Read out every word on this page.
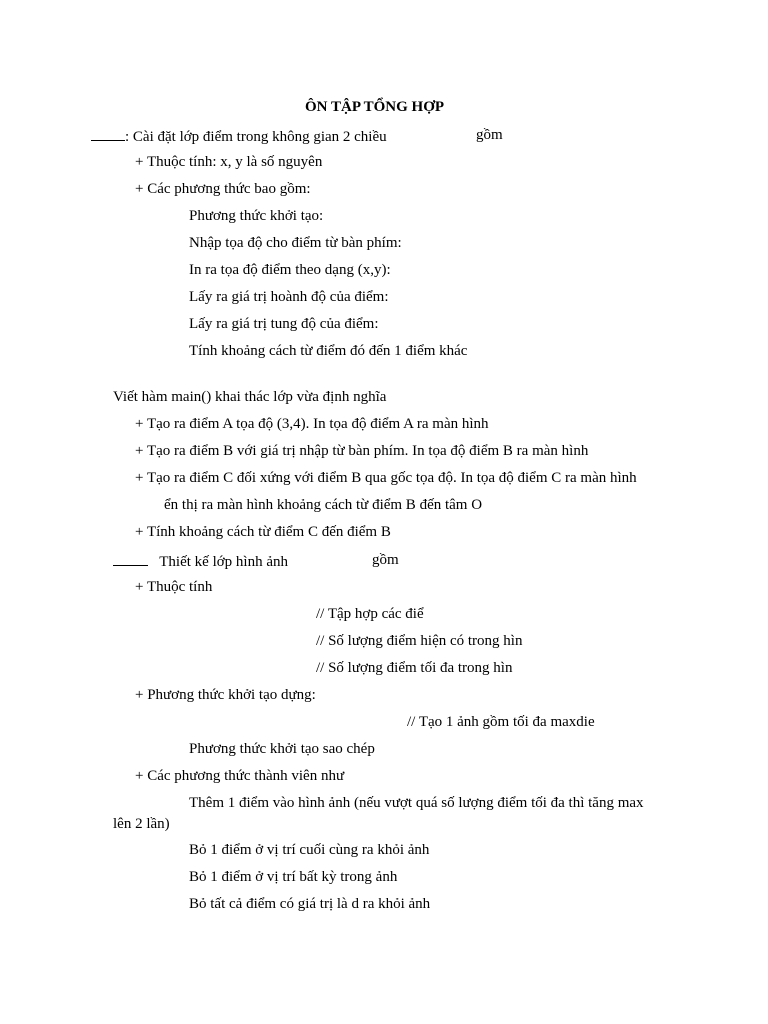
ÔN TẬP TỔNG HỢP
: Cài đặt lớp điểm trong không gian 2 chiều	gồm
+ Thuộc tính: x, y là số nguyên
+ Các phương thức bao gồm:
Phương thức khởi tạo:
Nhập tọa độ cho điểm từ bàn phím:
In ra tọa độ điểm theo dạng (x,y):
Lấy ra giá trị hoành độ của điểm:
Lấy ra giá trị tung độ của điểm:
Tính khoảng cách từ điểm đó đến 1 điểm khác
Viết hàm main() khai thác lớp vừa định nghĩa
+ Tạo ra điểm A tọa độ (3,4). In tọa độ điểm A ra màn hình
+ Tạo ra điểm B với giá trị nhập từ bàn phím. In tọa độ điểm B ra màn hình
+ Tạo ra điểm C đối xứng với điểm B qua gốc tọa độ. In tọa độ điểm C ra màn hình
ển thị ra màn hình khoảng cách từ điểm B đến tâm O
+ Tính khoảng cách từ điểm C đến điểm B
Thiết kế lớp hình ảnh	gồm
+ Thuộc tính
// Tập hợp các điể
// Số lượng điểm hiện có trong hìn
// Số lượng điểm tối đa trong hìn
+ Phương thức khởi tạo dựng:
// Tạo 1 ảnh gồm tối đa maxdie
Phương thức khởi tạo sao chép
+ Các phương thức thành viên như
Thêm 1 điểm vào hình ảnh (nếu vượt quá số lượng điểm tối đa thì tăng max
lên 2 lần)
Bỏ 1 điểm ở vị trí cuối cùng ra khỏi ảnh
Bỏ 1 điểm ở vị trí bất kỳ trong ảnh
Bỏ tất cả điểm có giá trị là d ra khỏi ảnh
